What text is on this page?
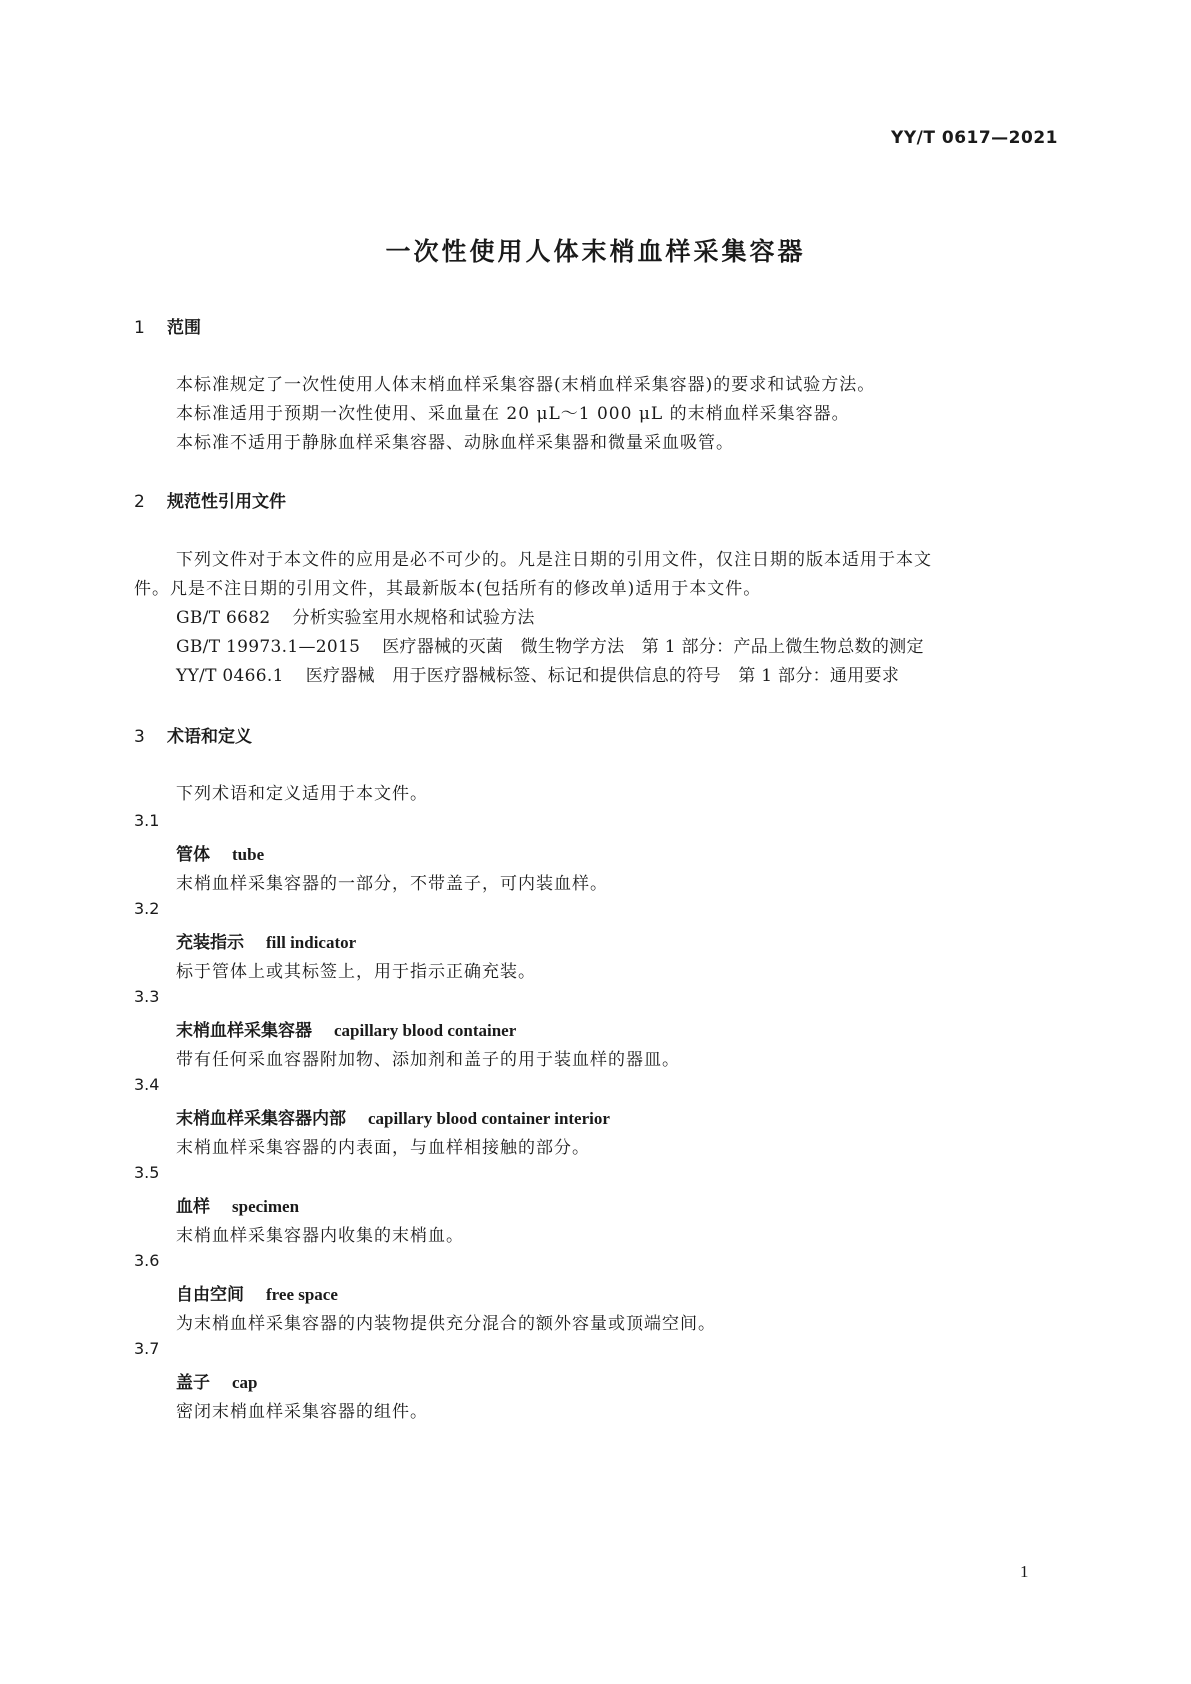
YY/T 0617—2021
一次性使用人体末梢血样采集容器
1 范围
本标准规定了一次性使用人体末梢血样采集容器(末梢血样采集容器)的要求和试验方法。
本标准适用于预期一次性使用、采血量在 20 μL～1 000 μL 的末梢血样采集容器。
本标准不适用于静脉血样采集容器、动脉血样采集器和微量采血吸管。
2 规范性引用文件
下列文件对于本文件的应用是必不可少的。凡是注日期的引用文件，仅注日期的版本适用于本文
件。凡是不注日期的引用文件，其最新版本(包括所有的修改单)适用于本文件。
GB/T 6682 分析实验室用水规格和试验方法
GB/T 19973.1—2015 医疗器械的灭菌　微生物学方法　第 1 部分：产品上微生物总数的测定
YY/T 0466.1 医疗器械　用于医疗器械标签、标记和提供信息的符号　第 1 部分：通用要求
3 术语和定义
下列术语和定义适用于本文件。
3.1
管体 tube
末梢血样采集容器的一部分，不带盖子，可内装血样。
3.2
充装指示 fill indicator
标于管体上或其标签上，用于指示正确充装。
3.3
末梢血样采集容器 capillary blood container
带有任何采血容器附加物、添加剂和盖子的用于装血样的器皿。
3.4
末梢血样采集容器内部 capillary blood container interior
末梢血样采集容器的内表面，与血样相接触的部分。
3.5
血样 specimen
末梢血样采集容器内收集的末梢血。
3.6
自由空间 free space
为末梢血样采集容器的内装物提供充分混合的额外容量或顶端空间。
3.7
盖子 cap
密闭末梢血样采集容器的组件。
1
